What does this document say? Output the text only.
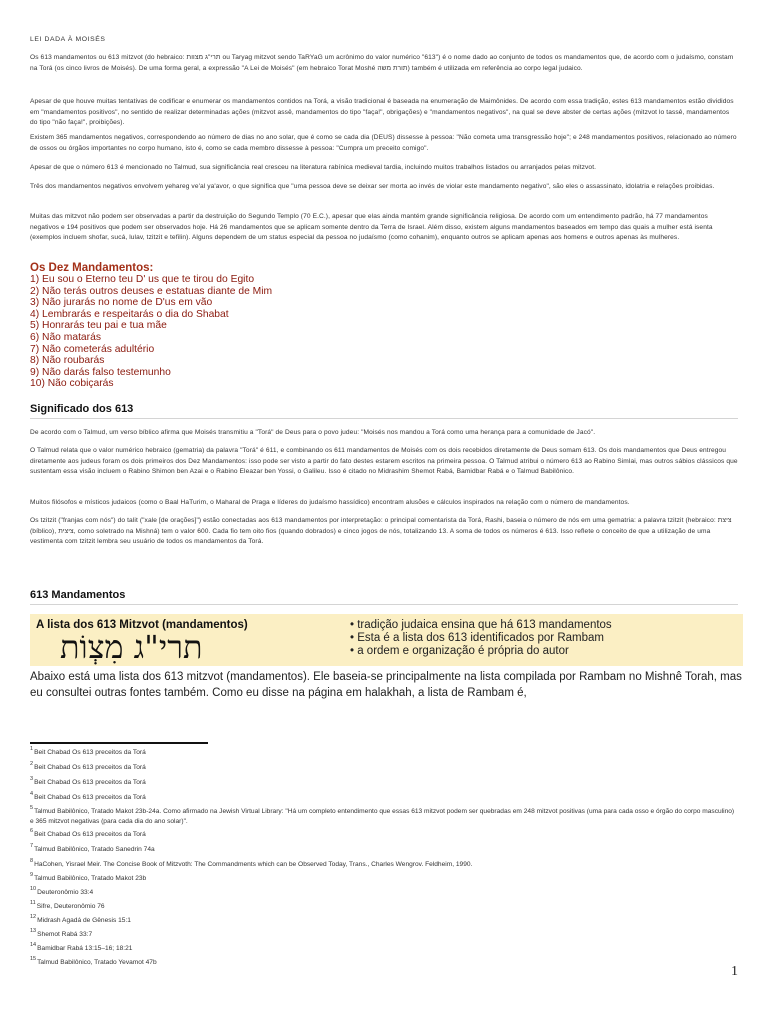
LEI DADA À MOISÉS
Os 613 mandamentos ou 613 mitzvot (do hebraico: תרי"ג מצוות ou Taryag mitzvot sendo TaRYaG um acrônimo do valor numérico "613") é o nome dado ao conjunto de todos os mandamentos que, de acordo com o judaísmo, constam na Torá (os cinco livros de Moisés). De uma forma geral, a expressão "A Lei de Moisés" (em hebraico Torat Moshé תורת משה) também é utilizada em referência ao corpo legal judaico.
Apesar de que houve muitas tentativas de codificar e enumerar os mandamentos contidos na Torá, a visão tradicional é baseada na enumeração de Maimônides. De acordo com essa tradição, estes 613 mandamentos estão divididos em "mandamentos positivos", no sentido de realizar determinadas ações (mitzvot assê, mandamentos do tipo "faça!", obrigações) e "mandamentos negativos", na qual se deve abster de certas ações (mitzvot lo tassê, mandamentos do tipo "não faça!", proibições).
Existem 365 mandamentos negativos, correspondendo ao número de dias no ano solar, que é como se cada dia (DEUS) dissesse à pessoa: "Não cometa uma transgressão hoje"; e 248 mandamentos positivos, relacionado ao número de ossos ou órgãos importantes no corpo humano, isto é, como se cada membro dissesse à pessoa: "Cumpra um preceito comigo".
Apesar de que o número 613 é mencionado no Talmud, sua significância real cresceu na literatura rabínica medieval tardia, incluindo muitos trabalhos listados ou arranjados pelas mitzvot.
Três dos mandamentos negativos envolvem yehareg ve'al ya'avor, o que significa que "uma pessoa deve se deixar ser morta ao invés de violar este mandamento negativo", são eles o assassinato, idolatria e relações proibidas.
Muitas das mitzvot não podem ser observadas a partir da destruição do Segundo Templo (70 E.C.), apesar que elas ainda mantém grande significância religiosa. De acordo com um entendimento padrão, há 77 mandamentos negativos e 194 positivos que podem ser observados hoje. Há 26 mandamentos que se aplicam somente dentro da Terra de Israel. Além disso, existem alguns mandamentos baseados em tempo das quais a mulher está isenta (exemplos incluem shofar, sucá, lulav, tzitzit e tefilin). Alguns dependem de um status especial da pessoa no judaísmo (como cohanim), enquanto outros se aplicam apenas aos homens e outros apenas às mulheres.
Os Dez Mandamentos:
1) Eu sou o Eterno teu D' us que te tirou do Egito
2) Não terás outros deuses e estatuas diante de Mim
3) Não jurarás no nome de D'us em vão
4) Lembrarás e respeitarás o dia do Shabat
5) Honrarás teu pai e tua mãe
6) Não matarás
7) Não cometerás adultério
8) Não roubarás
9) Não darás falso testemunho
10) Não cobiçarás
Significado dos 613
De acordo com o Talmud, um verso bíblico afirma que Moisés transmitiu a "Torá" de Deus para o povo judeu: "Moisés nos mandou a Torá como uma herança para a comunidade de Jacó".
O Talmud relata que o valor numérico hebraico (gematria) da palavra "Torá" é 611, e combinando os 611 mandamentos de Moisés com os dois recebidos diretamente de Deus somam 613. Os dois mandamentos que Deus entregou diretamente aos judeus foram os dois primeiros dos Dez Mandamentos: isso pode ser visto a partir do fato destes estarem escritos na primeira pessoa. O Talmud atribui o número 613 ao Rabino Simlai, mas outros sábios clássicos que sustentam essa visão incluem o Rabino Shimon ben Azai e o Rabino Eleazar ben Yossi, o Galileu. Isso é citado no Midrashim Shemot Rabá, Bamidbar Rabá e o Talmud Babilônico.
Muitos filósofos e místicos judaicos (como o Baal HaTurim, o Maharal de Praga e líderes do judaísmo hassídico) encontram alusões e cálculos inspirados na relação com o número de mandamentos.
Os tzitzit ("franjas com nós") do talit ("xale [de orações]") estão conectadas aos 613 mandamentos por interpretação: o principal comentarista da Torá, Rashi, baseia o número de nós em uma gematria: a palavra tzitzit (hebraico: ציצת (bíblico), ציצית, como soletrado na Mishná) tem o valor 600. Cada fio tem oito fios (quando dobrados) e cinco jogos de nós, totalizando 13. A soma de todos os números é 613. Isso reflete o conceito de que a utilização de uma vestimenta com tzitzit lembra seu usuário de todos os mandamentos da Torá.
613 Mandamentos
A lista dos 613 Mitzvot (mandamentos)
תרי"ג מִצְוֹת
• tradição judaica ensina que há 613 mandamentos
• Esta é a lista dos 613 identificados por Rambam
• a ordem e organização é própria do autor
Abaixo está uma lista dos 613 mitzvot (mandamentos). Ele baseia-se principalmente na lista compilada por Rambam no Mishnê Torah, mas eu consultei outras fontes também. Como eu disse na página em halakhah, a lista de Rambam é,
$^1$Beit Chabad Os 613 preceitos da Torá
$^2$Beit Chabad Os 613 preceitos da Torá
$^3$Beit Chabad Os 613 preceitos da Torá
$^4$Beit Chabad Os 613 preceitos da Torá
$^5$Talmud Babilônico, Tratado Makot 23b-24a. Como afirmado na Jewish Virtual Library: "Há um completo entendimento que essas 613 mitzvot podem ser quebradas em 248 mitzvot positivas (uma para cada osso e órgão do corpo masculino) e 365 mitzvot negativas (para cada dia do ano solar)".
$^6$Beit Chabad Os 613 preceitos da Torá
$^7$Talmud Babilônico, Tratado Sanedrin 74a
$^8$HaCohen, Yisrael Meir. The Concise Book of Mitzvoth: The Commandments which can be Observed Today, Trans., Charles Wengrov. Feldheim, 1990.
$^9$Talmud Babilônico, Tratado Makot 23b
$^{10}$Deuteronômio 33:4
$^{11}$Sifre, Deuteronômio 76
$^{12}$Midrash Agadá de Gênesis 15:1
$^{13}$Shemot Rabá 33:7
$^{14}$Bamidbar Rabá 13:15–16; 18:21
$^{15}$Talmud Babilônico, Tratado Yevamot 47b
1
